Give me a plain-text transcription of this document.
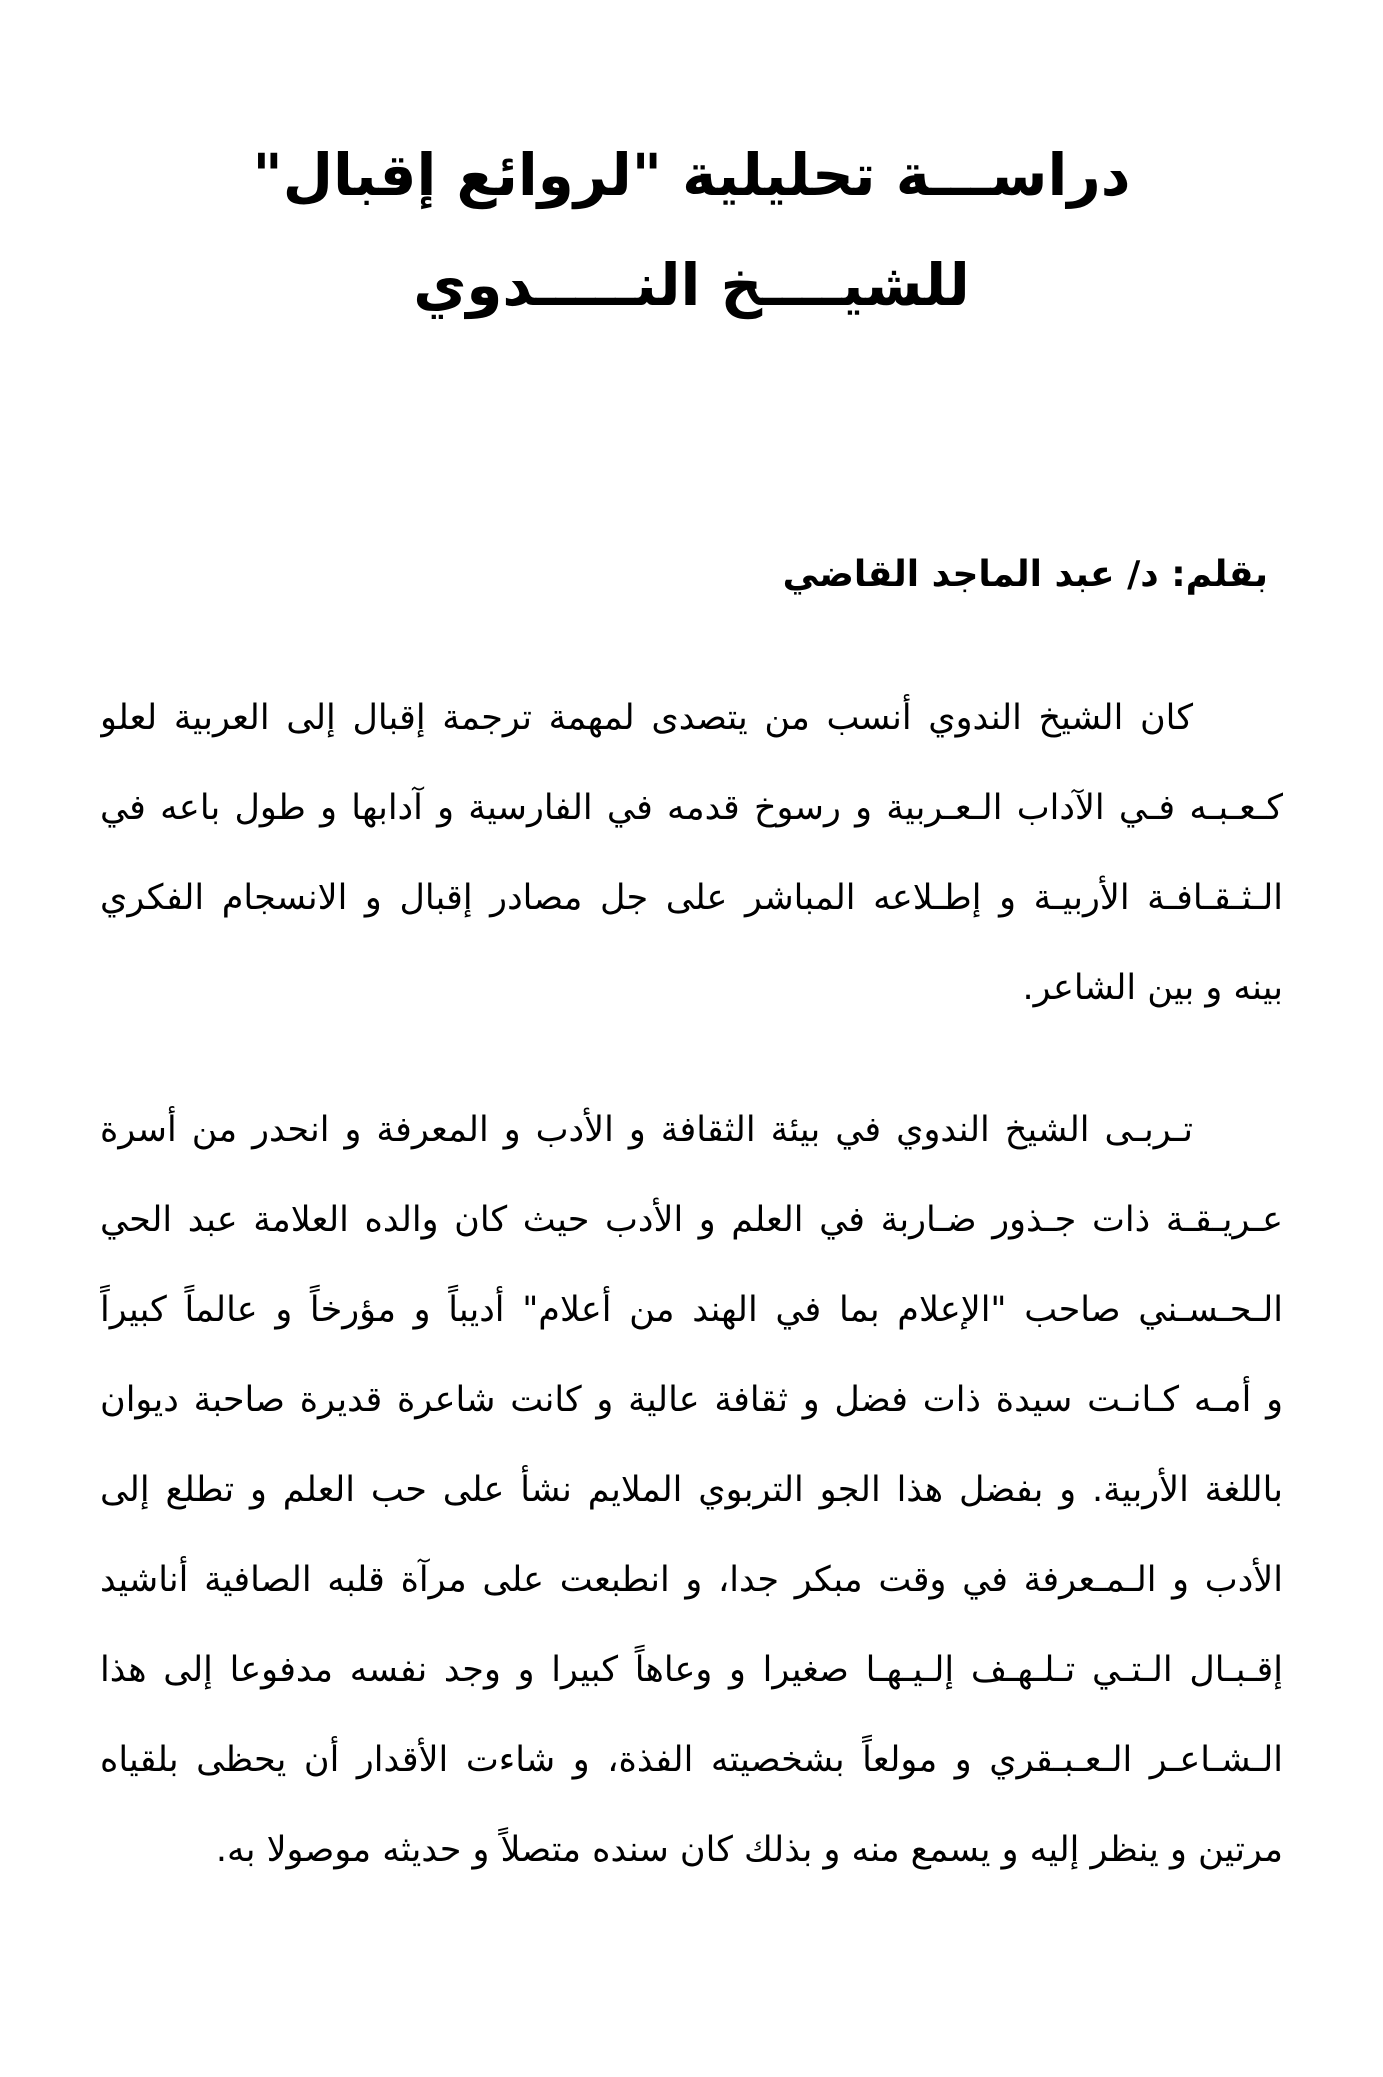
دراســـة تحليلية "لروائع إقبال"
للشيــــخ النـــــدوي
بقلم: د/ عبد الماجد القاضي
كان الشيخ الندوي أنسب من يتصدى لمهمة ترجمة إقبال إلى العربية لعلو
كـعـبـه فـي الآداب الـعـربية و رسوخ قدمه في الفارسية و آدابها و طول باعه في
الـثـقـافـة الأربيـة و إطـلاعه المباشر على جل مصادر إقبال و الانسجام الفكري
بينه و بين الشاعر.
تـربـى الشيخ الندوي في بيئة الثقافة و الأدب و المعرفة و انحدر من أسرة
عـريـقـة ذات جـذور ضـاربة في العلم و الأدب حيث كان والده العلامة عبد الحي
الـحـسـني صاحب "الإعلام بما في الهند من أعلام" أديباً و مؤرخاً و عالماً كبيراً
و أمـه كـانـت سيدة ذات فضل و ثقافة عالية و كانت شاعرة قديرة صاحبة ديوان
باللغة الأربية. و بفضل هذا الجو التربوي الملايم نشأ على حب العلم و تطلع إلى
الأدب و الـمـعرفة في وقت مبكر جدا، و انطبعت على مرآة قلبه الصافية أناشيد
إقـبـال الـتـي تـلـهـف إلـيـهـا صغيرا و وعاهاً كبيرا و وجد نفسه مدفوعا إلى هذا
الـشـاعـر الـعـبـقري و مولعاً بشخصيته الفذة، و شاءت الأقدار أن يحظى بلقياه
مرتين و ينظر إليه و يسمع منه و بذلك كان سنده متصلاً و حديثه موصولا به.
